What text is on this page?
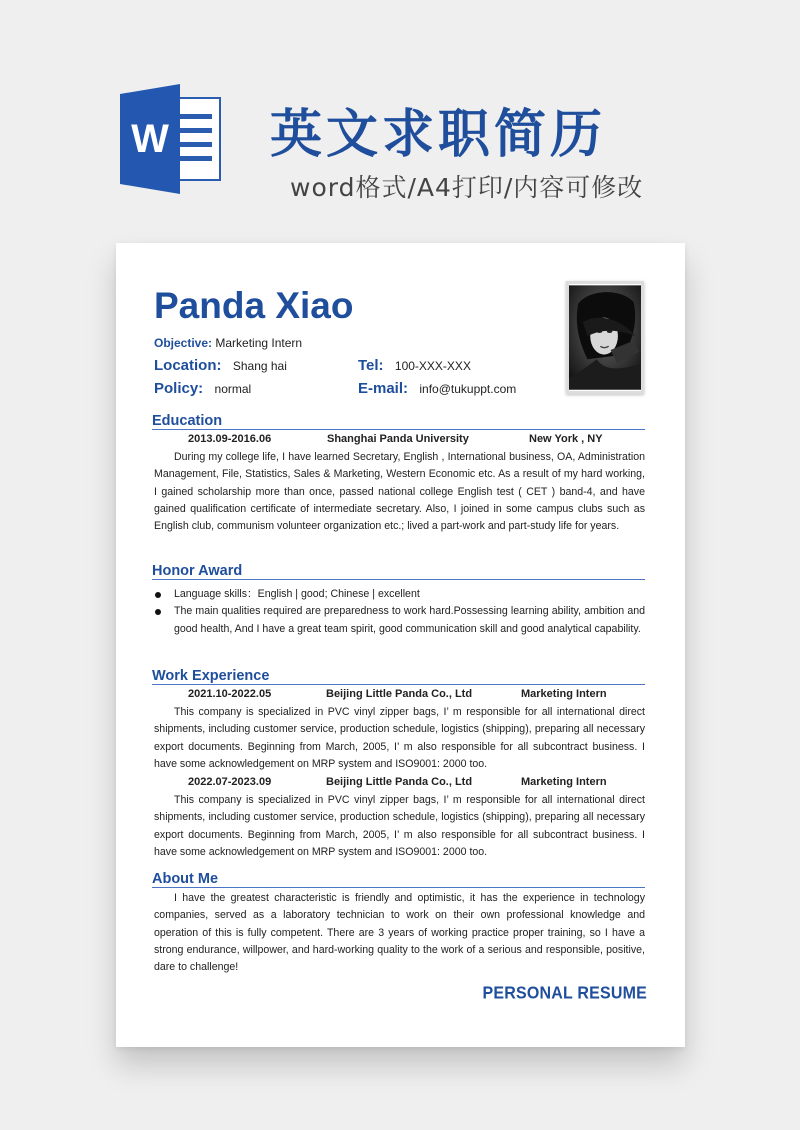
W 英文求职简历
word格式/A4打印/内容可修改
Panda Xiao
Objective: Marketing Intern
Location: Shang hai	Tel: 100-XXX-XXX
Policy: normal	E-mail: info@tukuppt.com
Education
2013.09-2016.06	Shanghai Panda University	New York , NY

During my college life, I have learned Secretary, English , International business, OA, Administration Management, File, Statistics, Sales & Marketing, Western Economic etc. As a result of my hard working, I gained scholarship more than once, passed national college English test ( CET ) band-4, and have gained qualification certificate of intermediate secretary. Also, I joined in some campus clubs such as English club, communism volunteer organization etc.; lived a part-work and part-study life for years.

Honor Award
Language skills：English | good; Chinese | excellent
The main qualities required are preparedness to work hard.Possessing learning ability, ambition and good health, And I have a great team spirit, good communication skill and good analytical capability.
Work Experience
2021.10-2022.05	Beijing Little Panda Co., Ltd	Marketing Intern

This company is specialized in PVC vinyl zipper bags, I’ m responsible for all international direct shipments, including customer service, production schedule, logistics (shipping), preparing all necessary export documents. Beginning from March, 2005, I’ m also responsible for all subcontract business. I have some acknowledgement on MRP system and ISO9001: 2000 too.

2022.07-2023.09	Beijing Little Panda Co., Ltd	Marketing Intern

This company is specialized in PVC vinyl zipper bags, I’ m responsible for all international direct shipments, including customer service, production schedule, logistics (shipping), preparing all necessary export documents. Beginning from March, 2005, I’ m also responsible for all subcontract business. I have some acknowledgement on MRP system and ISO9001: 2000 too.

About Me

I have the greatest characteristic is friendly and optimistic, it has the experience in technology companies, served as a laboratory technician to work on their own professional knowledge and operation of this is fully competent. There are 3 years of working practice proper training, so I have a strong endurance, willpower, and hard-working quality to the work of a serious and responsible, positive, dare to challenge!

PERSONAL RESUME
